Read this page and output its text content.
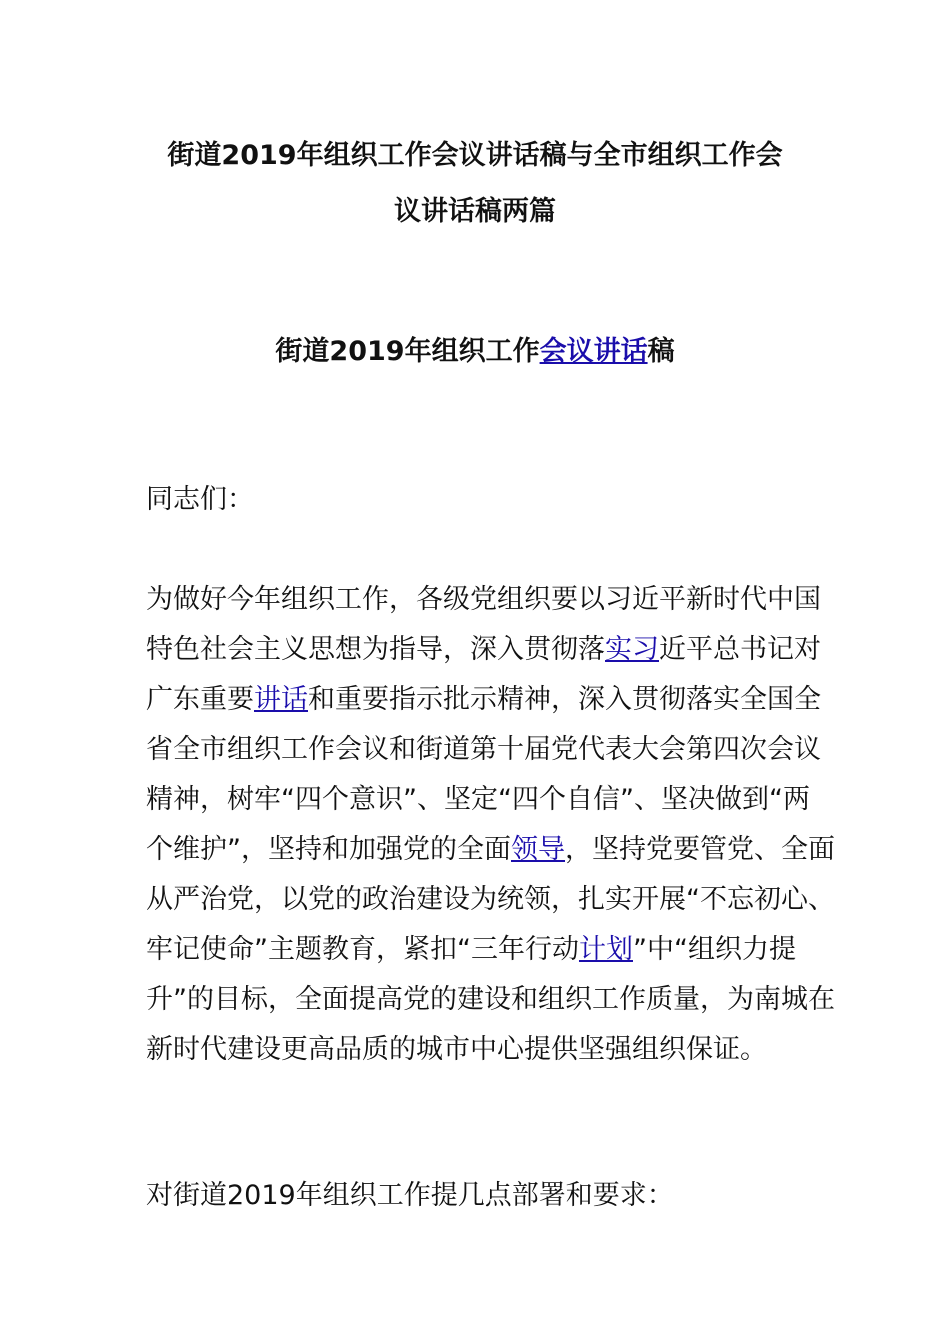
街道2019年组织工作会议讲话稿与全市组织工作会
议讲话稿两篇
街道2019年组织工作会议讲话稿

同志们：

为做好今年组织工作，各级党组织要以习近平新时代中国特色社会主义思想为指导，深入贯彻落实习近平总书记对广东重要讲话和重要指示批示精神，深入贯彻落实全国全省全市组织工作会议和街道第十届党代表大会第四次会议精神，树牢“四个意识”、坚定“四个自信”、坚决做到“两个维护”，坚持和加强党的全面领导，坚持党要管党、全面从严治党，以党的政治建设为统领，扎实开展“不忘初心、牢记使命”主题教育，紧扣“三年行动计划”中“组织力提升”的目标，全面提高党的建设和组织工作质量，为南城在新时代建设更高品质的城市中心提供坚强组织保证。

对街道2019年组织工作提几点部署和要求：
